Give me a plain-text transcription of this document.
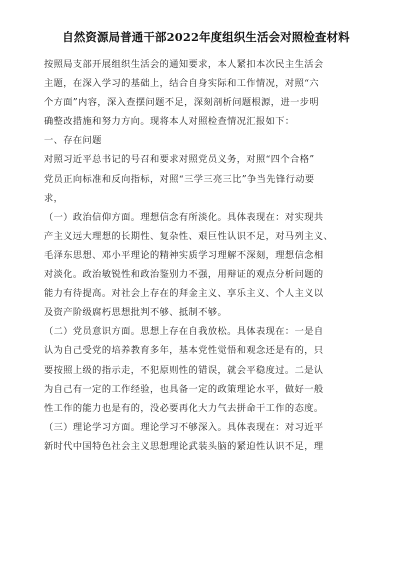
自然资源局普通干部2022年度组织生活会对照检查材料
按照局支部开展组织生活会的通知要求，本人紧扣本次民主生活会
主题，在深入学习的基础上，结合自身实际和工作情况，对照“六
个方面”内容，深入查摆问题不足，深刻剖析问题根源，进一步明
确整改措施和努力方向。现将本人对照检查情况汇报如下：
一、存在问题
对照习近平总书记的号召和要求对照党员义务，对照“四个合格”
党员正向标准和反向指标，对照“三学三亮三比”争当先锋行动要
求，
（一）政治信仰方面。理想信念有所淡化。具体表现在：对实现共
产主义远大理想的长期性、复杂性、艰巨性认识不足，对马列主义、
毛泽东思想、邓小平理论的精神实质学习理解不深刻，理想信念相
对淡化。政治敏锐性和政治鉴别力不强，用辩证的观点分析问题的
能力有待提高。对社会上存在的拜金主义、享乐主义、个人主义以
及资产阶级腐朽思想批判不够、抵制不够。
（二）党员意识方面。思想上存在自我放松。具体表现在：一是自
认为自己受党的培养教育多年，基本党性觉悟和观念还是有的，只
要按照上级的指示走，不犯原则性的错误，就会平稳度过。二是认
为自己有一定的工作经验，也具备一定的政策理论水平，做好一般
性工作的能力也是有的，没必要再化大力气去拼命干工作的态度。
（三）理论学习方面。理论学习不够深入。具体表现在：对习近平
新时代中国特色社会主义思想理论武装头脑的紧迫性认识不足，理
